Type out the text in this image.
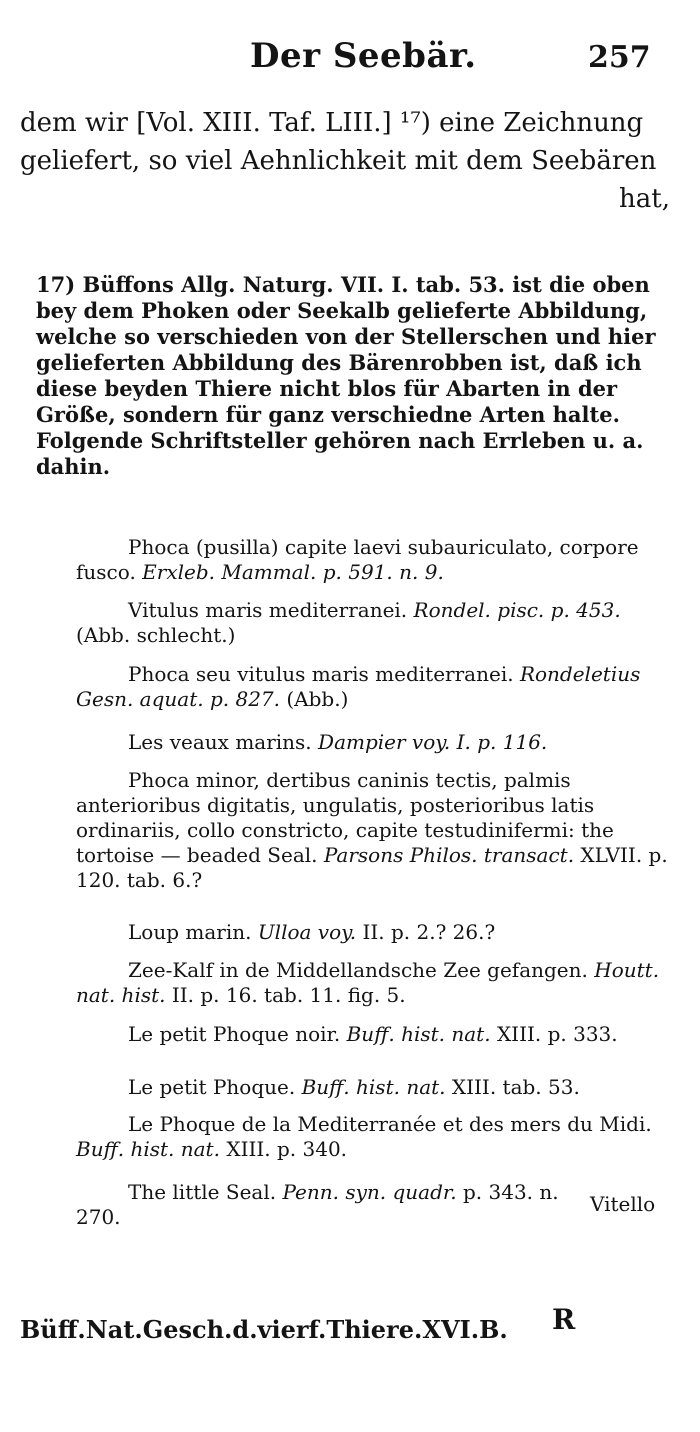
Der Seebär.	257
dem wir [Vol. XIII. Taf. LIII.] ¹⁷) eine Zeichnung
geliefert, so viel Aehnlichkeit mit dem Seebären
hat,

17) Büffons Allg. Naturg. VII. I. tab. 53. ist die oben bey dem Phoken oder Seekalb gelieferte Abbildung, welche so verschieden von der Stellerschen und hier gelieferten Abbildung des Bärenrobben ist, daß ich diese beyden Thiere nicht blos für Abarten in der Größe, sondern für ganz verschiedne Arten halte. Folgende Schriftsteller gehören nach Errleben u. a. dahin.

Phoca (pusilla) capite laevi subauriculato, corpore fusco. Erxleb. Mammal. p. 591. n. 9.
Vitulus maris mediterranei. Rondel. pisc. p. 453. (Abb. schlecht.)
Phoca seu vitulus maris mediterranei. Rondeletius Gesn. aquat. p. 827. (Abb.)
Les veaux marins. Dampier voy. I. p. 116.
Phoca minor, dertibus caninis tectis, palmis anterioribus digitatis, ungulatis, posterioribus latis ordinariis, collo constricto, capite testudinifermi: the tortoise — beaded Seal. Parsons Philos. transact. XLVII. p. 120. tab. 6.?
Loup marin. Ulloa voy. II. p. 2.? 26.?
Zee-Kalf in de Middellandsche Zee gefangen. Houtt. nat. hist. II. p. 16. tab. 11. fig. 5.
Le petit Phoque noir. Buff. hist. nat. XIII. p. 333.
Le petit Phoque. Buff. hist. nat. XIII. tab. 53.
Le Phoque de la Mediterranée et des mers du Midi. Buff. hist. nat. XIII. p. 340.
The little Seal. Penn. syn. quadr. p. 343. n. 270.
Vitello
Büff.Nat.Gesch.d.vierf.Thiere.XVI.B. R
